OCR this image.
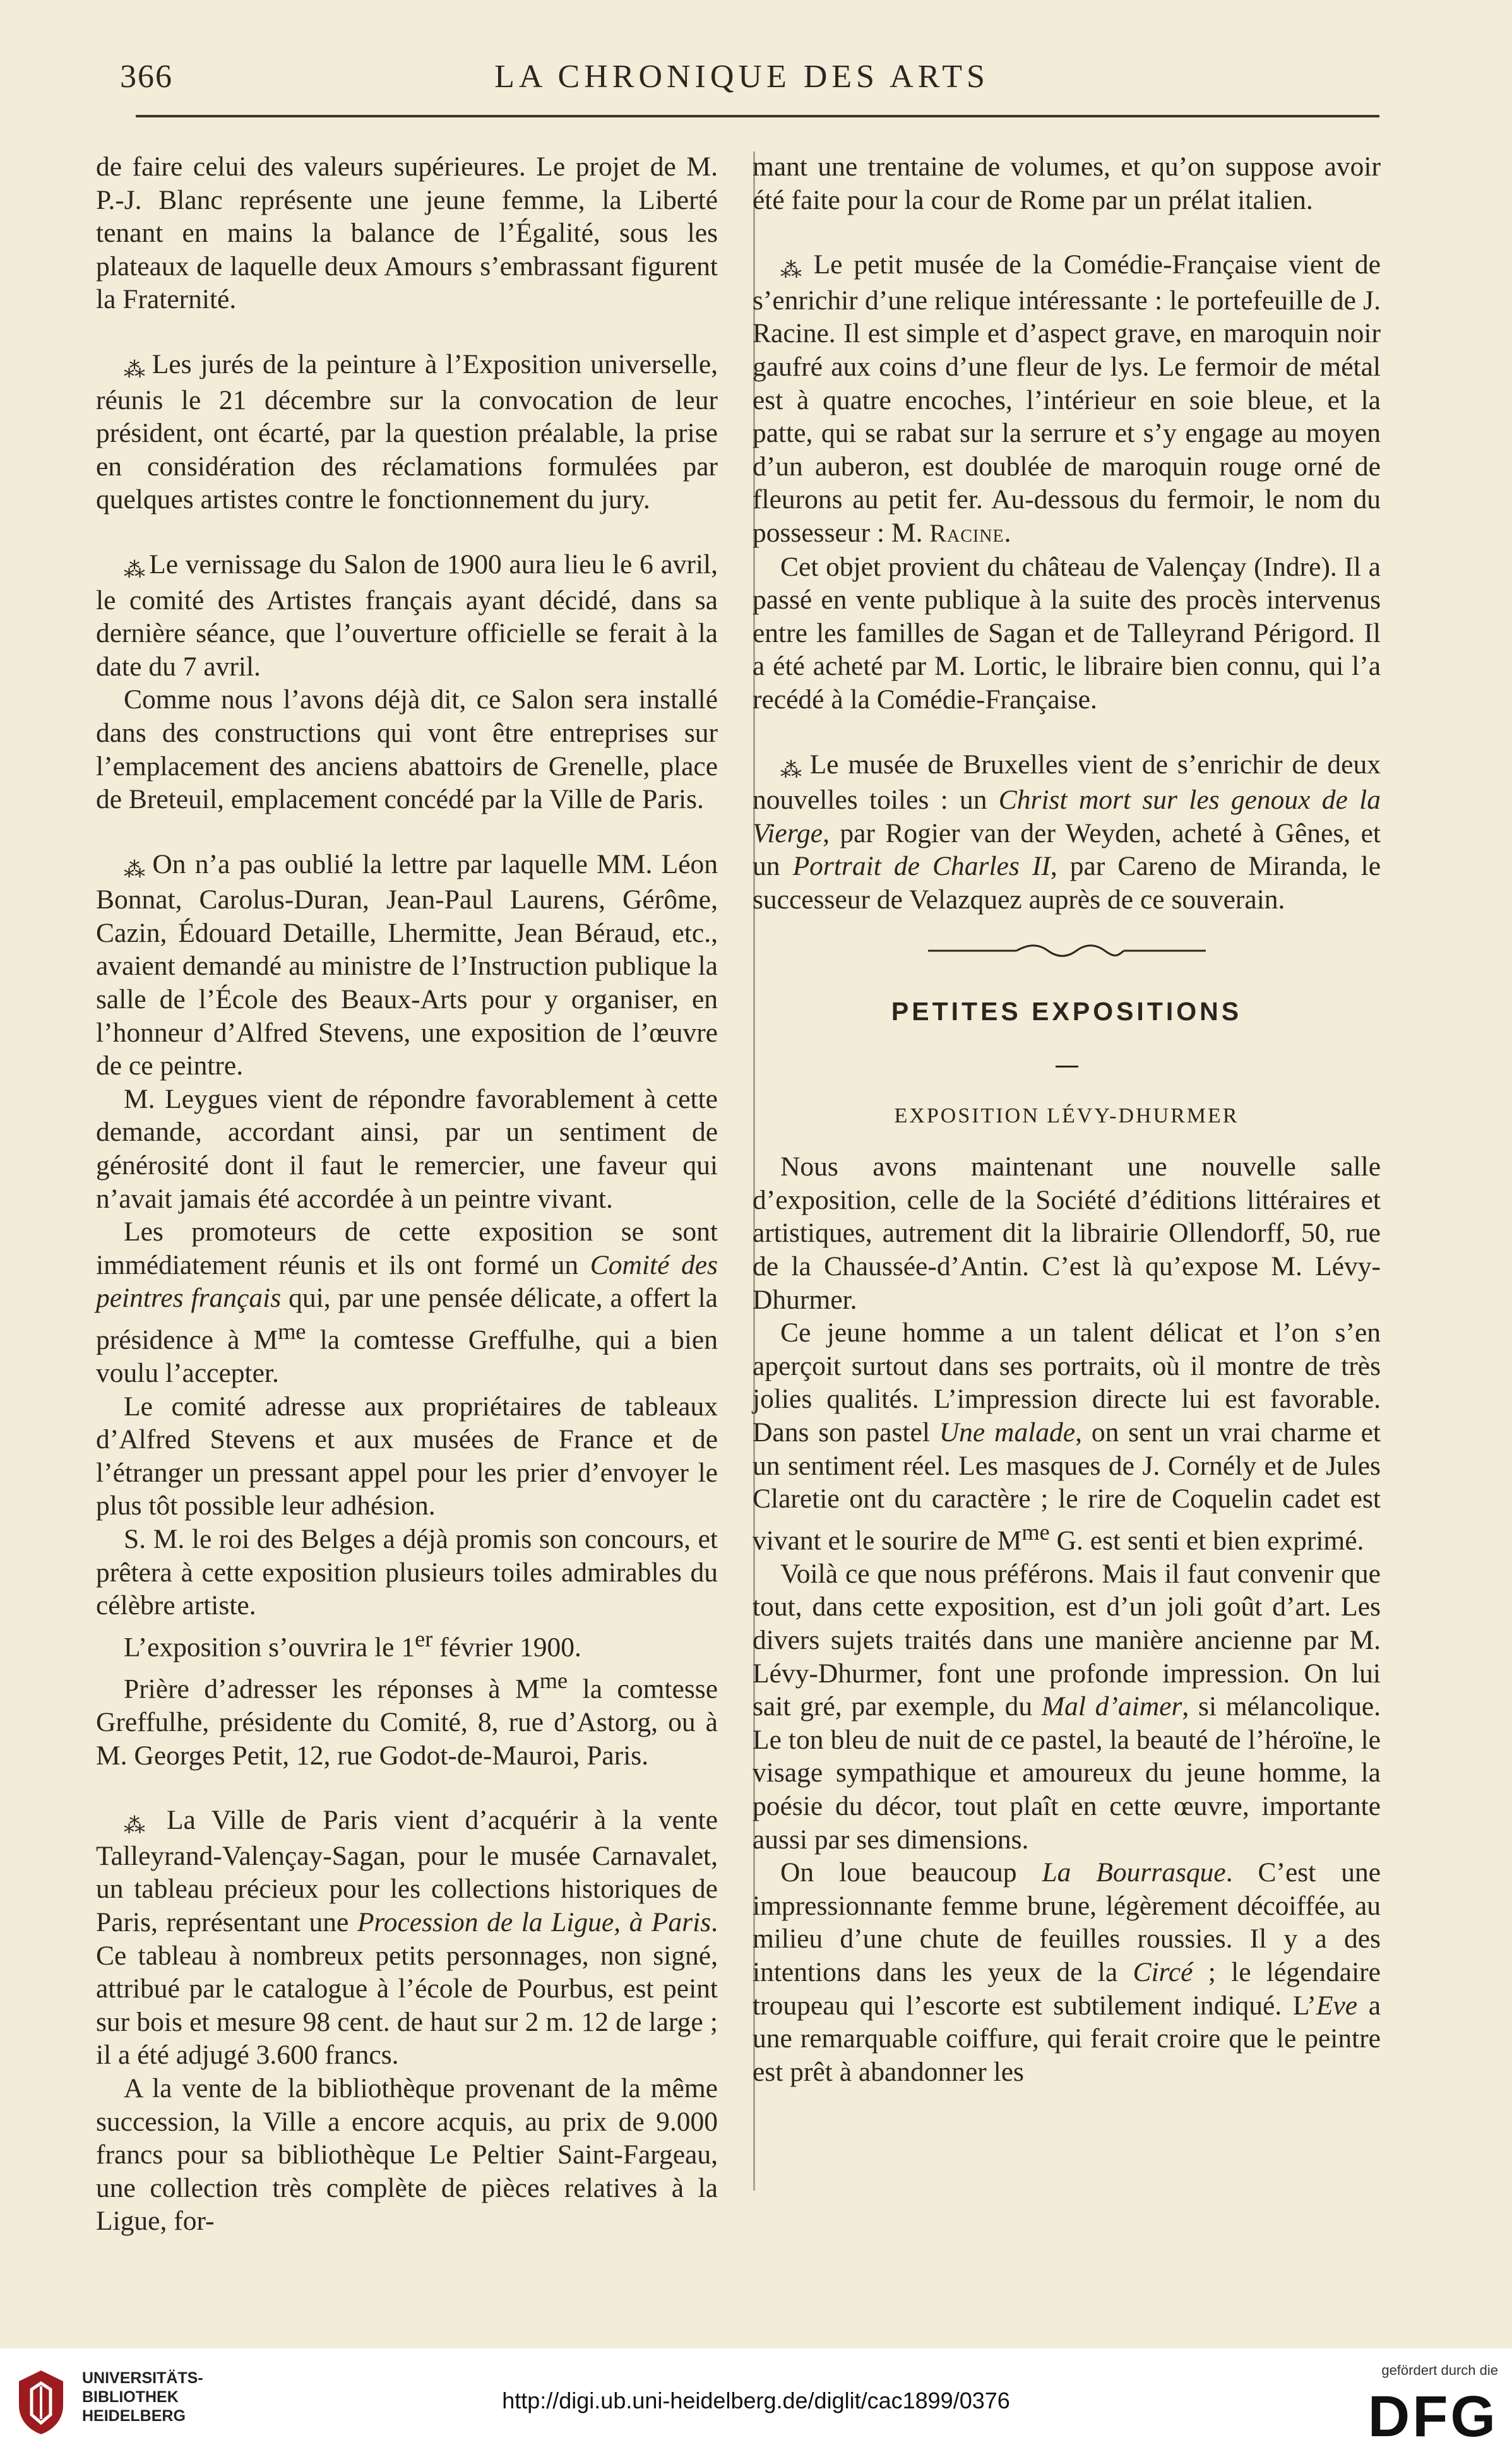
366	LA CHRONIQUE DES ARTS

de faire celui des valeurs supérieures. Le projet de M. P.-J. Blanc représente une jeune femme, la Liberté tenant en mains la balance de l’Égalité, sous les plateaux de laquelle deux Amours s’embrassant figurent la Fraternité.

⁂ Les jurés de la peinture à l’Exposition universelle, réunis le 21 décembre sur la convocation de leur président, ont écarté, par la question préalable, la prise en considération des réclamations formulées par quelques artistes contre le fonctionnement du jury.

⁂ Le vernissage du Salon de 1900 aura lieu le 6 avril, le comité des Artistes français ayant décidé, dans sa dernière séance, que l’ouverture officielle se ferait à la date du 7 avril.

Comme nous l’avons déjà dit, ce Salon sera installé dans des constructions qui vont être entreprises sur l’emplacement des anciens abattoirs de Grenelle, place de Breteuil, emplacement concédé par la Ville de Paris.

⁂ On n’a pas oublié la lettre par laquelle MM. Léon Bonnat, Carolus-Duran, Jean-Paul Laurens, Gérôme, Cazin, Édouard Detaille, Lhermitte, Jean Béraud, etc., avaient demandé au ministre de l’Instruction publique la salle de l’École des Beaux-Arts pour y organiser, en l’honneur d’Alfred Stevens, une exposition de l’œuvre de ce peintre.

M. Leygues vient de répondre favorablement à cette demande, accordant ainsi, par un sentiment de générosité dont il faut le remercier, une faveur qui n’avait jamais été accordée à un peintre vivant.

Les promoteurs de cette exposition se sont immédiatement réunis et ils ont formé un Comité des peintres français qui, par une pensée délicate, a offert la présidence à $M^{me}$ la comtesse Greffulhe, qui a bien voulu l’accepter.

Le comité adresse aux propriétaires de tableaux d’Alfred Stevens et aux musées de France et de l’étranger un pressant appel pour les prier d’envoyer le plus tôt possible leur adhésion.

S. M. le roi des Belges a déjà promis son concours, et prêtera à cette exposition plusieurs toiles admirables du célèbre artiste.

L’exposition s’ouvrira le 1er février 1900.

Prière d’adresser les réponses à $M^{me}$ la comtesse Greffulhe, présidente du Comité, 8, rue d’Astorg, ou à M. Georges Petit, 12, rue Godot-de-Mauroi, Paris.

⁂ La Ville de Paris vient d’acquérir à la vente Talleyrand-Valençay-Sagan, pour le musée Carnavalet, un tableau précieux pour les collections historiques de Paris, représentant une Procession de la Ligue, à Paris. Ce tableau à nombreux petits personnages, non signé, attribué par le catalogue à l’école de Pourbus, est peint sur bois et mesure 98 cent. de haut sur 2 m. 12 de large ; il a été adjugé 3.600 francs.

A la vente de la bibliothèque provenant de la même succession, la Ville a encore acquis, au prix de 9.000 francs pour sa bibliothèque Le Peltier Saint-Fargeau, une collection très complète de pièces relatives à la Ligue, for-

mant une trentaine de volumes, et qu’on suppose avoir été faite pour la cour de Rome par un prélat italien.

⁂ Le petit musée de la Comédie-Française vient de s’enrichir d’une relique intéressante : le portefeuille de J. Racine. Il est simple et d’aspect grave, en maroquin noir gaufré aux coins d’une fleur de lys. Le fermoir de métal est à quatre encoches, l’intérieur en soie bleue, et la patte, qui se rabat sur la serrure et s’y engage au moyen d’un auberon, est doublée de maroquin rouge orné de fleurons au petit fer. Au-dessous du fermoir, le nom du possesseur : M. Racine.

Cet objet provient du château de Valençay (Indre). Il a passé en vente publique à la suite des procès intervenus entre les familles de Sagan et de Talleyrand Périgord. Il a été acheté par M. Lortic, le libraire bien connu, qui l’a recédé à la Comédie-Française.

⁂ Le musée de Bruxelles vient de s’enrichir de deux nouvelles toiles : un Christ mort sur les genoux de la Vierge, par Rogier van der Weyden, acheté à Gênes, et un Portrait de Charles II, par Careno de Miranda, le successeur de Velazquez auprès de ce souverain.

PETITES EXPOSITIONS
EXPOSITION LÉVY-DHURMER

Nous avons maintenant une nouvelle salle d’exposition, celle de la Société d’éditions littéraires et artistiques, autrement dit la librairie Ollendorff, 50, rue de la Chaussée-d’Antin. C’est là qu’expose M. Lévy-Dhurmer.

Ce jeune homme a un talent délicat et l’on s’en aperçoit surtout dans ses portraits, où il montre de très jolies qualités. L’impression directe lui est favorable. Dans son pastel Une malade, on sent un vrai charme et un sentiment réel. Les masques de J. Cornély et de Jules Claretie ont du caractère ; le rire de Coquelin cadet est vivant et le sourire de $M^{me}$ G. est senti et bien exprimé.

Voilà ce que nous préférons. Mais il faut convenir que tout, dans cette exposition, est d’un joli goût d’art. Les divers sujets traités dans une manière ancienne par M. Lévy-Dhurmer, font une profonde impression. On lui sait gré, par exemple, du Mal d’aimer, si mélancolique. Le ton bleu de nuit de ce pastel, la beauté de l’héroïne, le visage sympathique et amoureux du jeune homme, la poésie du décor, tout plaît en cette œuvre, importante aussi par ses dimensions.

On loue beaucoup La Bourrasque. C’est une impressionnante femme brune, légèrement décoiffée, au milieu d’une chute de feuilles roussies. Il y a des intentions dans les yeux de la Circé ; le légendaire troupeau qui l’escorte est subtilement indiqué. L’Eve a une remarquable coiffure, qui ferait croire que le peintre est prêt à abandonner les

UNIVERSITÄTS-
BIBLIOTHEK
HEIDELBERG
http://digi.ub.uni-heidelberg.de/diglit/cac1899/0376
gefördert durch die
DFG
